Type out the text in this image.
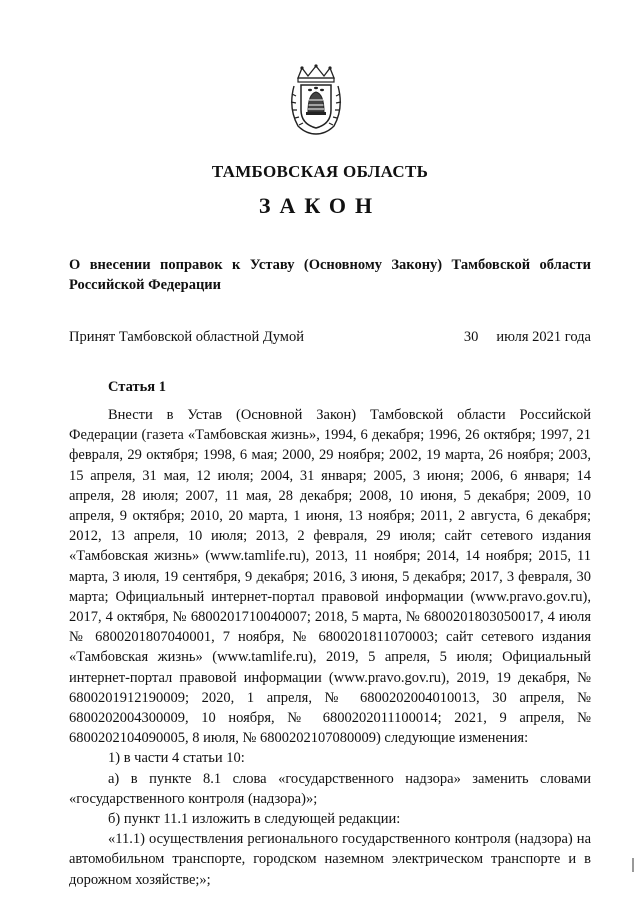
ТАМБОВСКАЯ ОБЛАСТЬ
ЗАКОН
О внесении поправок к Уставу (Основному Закону) Тамбовской области Российской Федерации
Принят Тамбовской областной Думой	30 июля 2021 года
Статья 1

Внести в Устав (Основной Закон) Тамбовской области Российской Федерации (газета «Тамбовская жизнь», 1994, 6 декабря; 1996, 26 октября; 1997, 21 февраля, 29 октября; 1998, 6 мая; 2000, 29 ноября; 2002, 19 марта, 26 ноября; 2003, 15 апреля, 31 мая, 12 июля; 2004, 31 января; 2005, 3 июня; 2006, 6 января; 14 апреля, 28 июля; 2007, 11 мая, 28 декабря; 2008, 10 июня, 5 декабря; 2009, 10 апреля, 9 октября; 2010, 20 марта, 1 июня, 13 ноября; 2011, 2 августа, 6 декабря; 2012, 13 апреля, 10 июля; 2013, 2 февраля, 29 июля; сайт сетевого издания «Тамбовская жизнь» (www.tamlife.ru), 2013, 11 ноября; 2014, 14 ноября; 2015, 11 марта, 3 июля, 19 сентября, 9 декабря; 2016, 3 июня, 5 декабря; 2017, 3 февраля, 30 марта; Официальный интернет-портал правовой информации (www.pravo.gov.ru), 2017, 4 октября, № 6800201710040007; 2018, 5 марта, № 6800201803050017, 4 июля № 6800201807040001, 7 ноября, № 6800201811070003; сайт сетевого издания «Тамбовская жизнь» (www.tamlife.ru), 2019, 5 апреля, 5 июля; Официальный интернет-портал правовой информации (www.pravo.gov.ru), 2019, 19 декабря, № 6800201912190009; 2020, 1 апреля, № 6800202004010013, 30 апреля, № 6800202004300009, 10 ноября, № 6800202011100014; 2021, 9 апреля, № 6800202104090005, 8 июля, № 6800202107080009) следующие изменения:

1) в части 4 статьи 10:

а) в пункте 8.1 слова «государственного надзора» заменить словами «государственного контроля (надзора)»;

б) пункт 11.1 изложить в следующей редакции:

«11.1) осуществления регионального государственного контроля (надзора) на автомобильном транспорте, городском наземном электрическом транспорте и в дорожном хозяйстве;»;
